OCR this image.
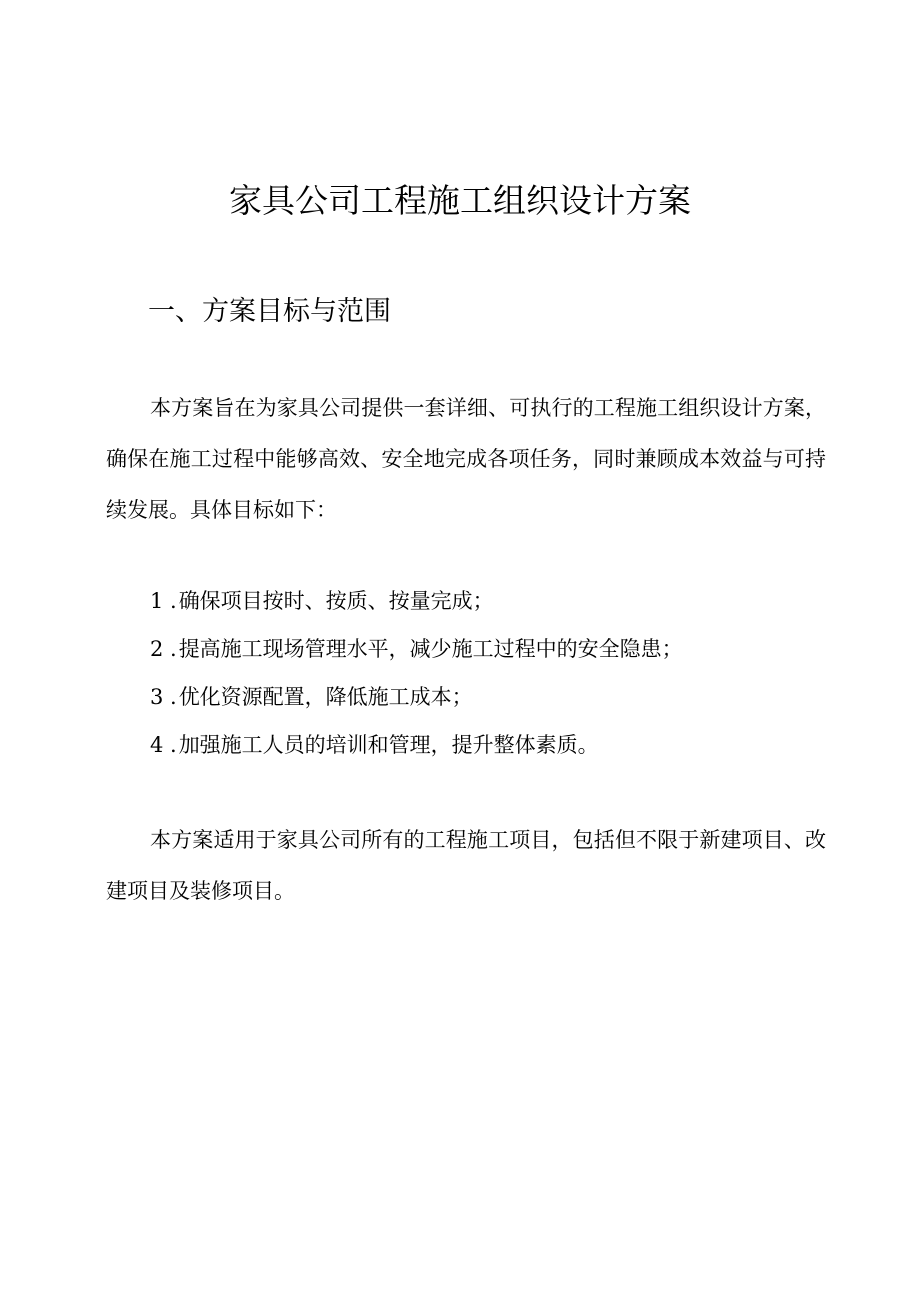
家具公司工程施工组织设计方案
一、方案目标与范围

本方案旨在为家具公司提供一套详细、可执行的工程施工组织设计方案，确保在施工过程中能够高效、安全地完成各项任务，同时兼顾成本效益与可持续发展。具体目标如下：

1 .确保项目按时、按质、按量完成；
2 .提高施工现场管理水平，减少施工过程中的安全隐患；
3 .优化资源配置，降低施工成本；
4 .加强施工人员的培训和管理，提升整体素质。

本方案适用于家具公司所有的工程施工项目，包括但不限于新建项目、改建项目及装修项目。
